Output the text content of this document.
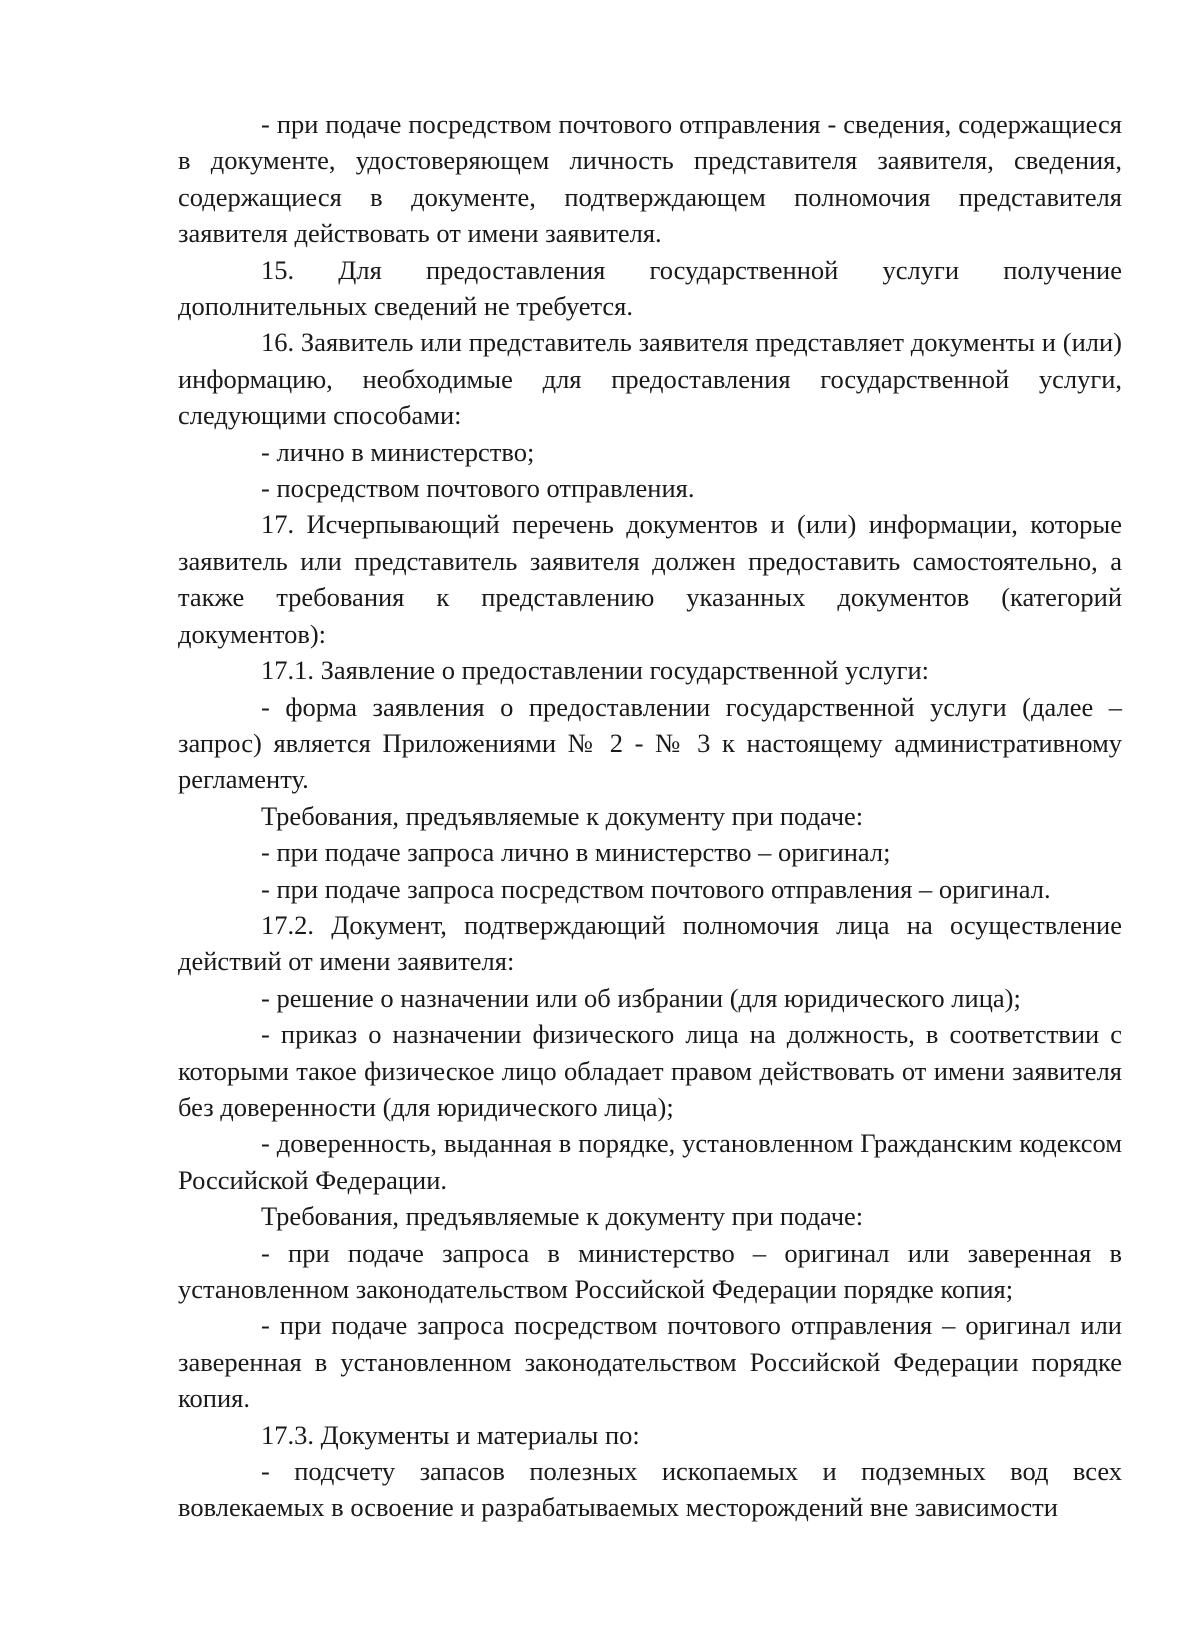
- при подаче посредством почтового отправления - сведения, содержащиеся в документе, удостоверяющем личность представителя заявителя, сведения, содержащиеся в документе, подтверждающем полномочия представителя заявителя действовать от имени заявителя.

15. Для предоставления государственной услуги получение дополнительных сведений не требуется.

16. Заявитель или представитель заявителя представляет документы и (или) информацию, необходимые для предоставления государственной услуги, следующими способами:

- лично в министерство;

- посредством почтового отправления.

17. Исчерпывающий перечень документов и (или) информации, которые заявитель или представитель заявителя должен предоставить самостоятельно, а также требования к представлению указанных документов (категорий документов):

17.1. Заявление о предоставлении государственной услуги:

- форма заявления о предоставлении государственной услуги (далее – запрос) является Приложениями № 2 - № 3 к настоящему административному регламенту.

Требования, предъявляемые к документу при подаче:

- при подаче запроса лично в министерство – оригинал;

- при подаче запроса посредством почтового отправления – оригинал.

17.2. Документ, подтверждающий полномочия лица на осуществление действий от имени заявителя:

- решение о назначении или об избрании (для юридического лица);

- приказ о назначении физического лица на должность, в соответствии с которыми такое физическое лицо обладает правом действовать от имени заявителя без доверенности (для юридического лица);

- доверенность, выданная в порядке, установленном Гражданским кодексом Российской Федерации.

Требования, предъявляемые к документу при подаче:

- при подаче запроса в министерство – оригинал или заверенная в установленном законодательством Российской Федерации порядке копия;

- при подаче запроса посредством почтового отправления – оригинал или заверенная в установленном законодательством Российской Федерации порядке копия.

17.3. Документы и материалы по:

- подсчету запасов полезных ископаемых и подземных вод всех вовлекаемых в освоение и разрабатываемых месторождений вне зависимости
